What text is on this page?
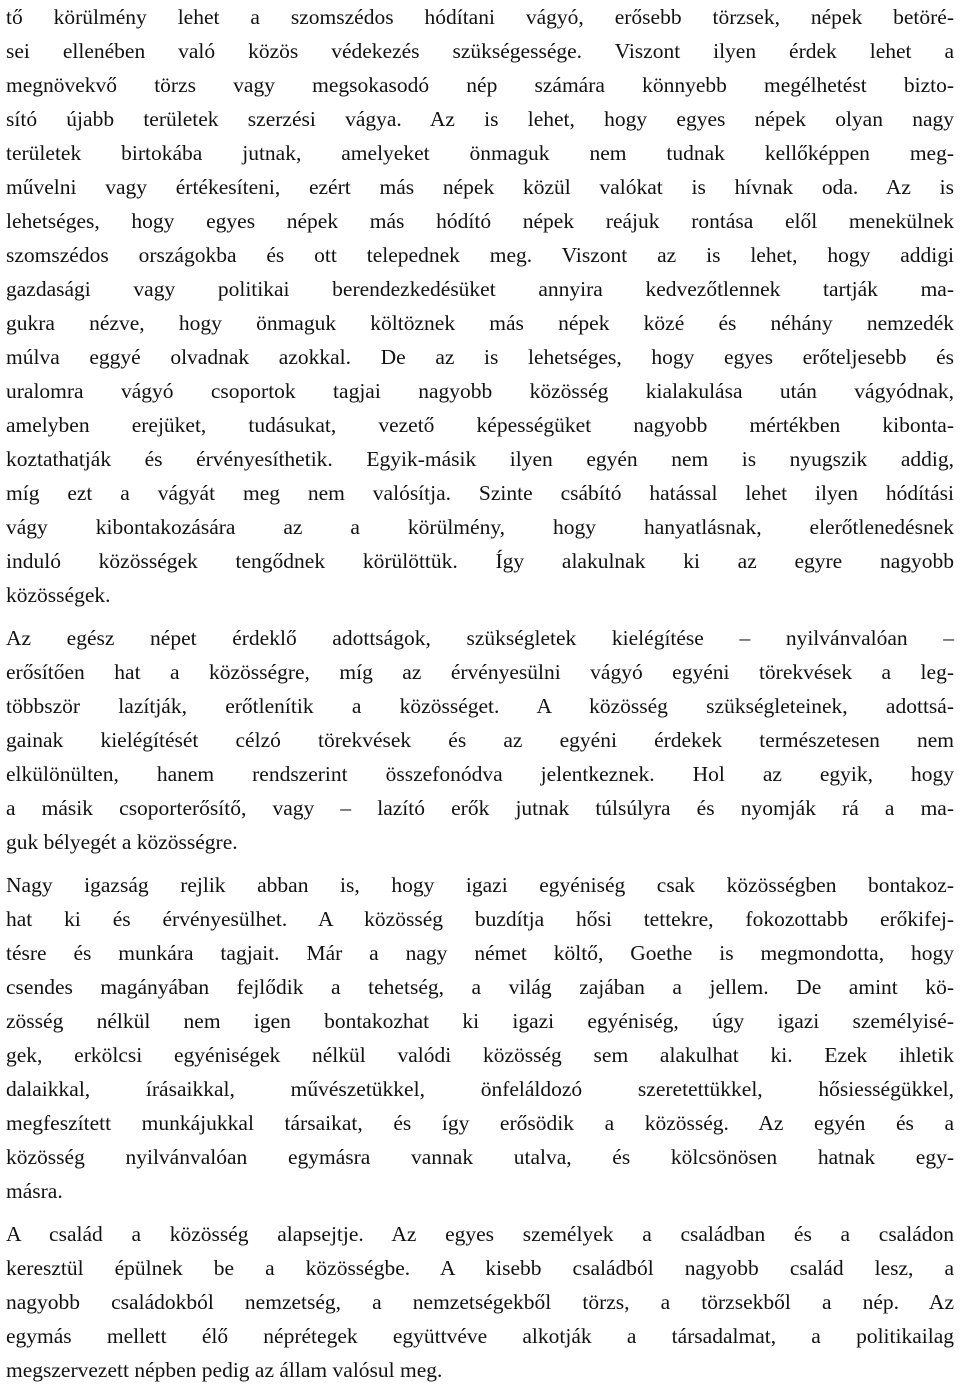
tő körülmény lehet a szomszédos hódítani vágyó, erősebb törzsek, népek betöré-
sei ellenében való közös védekezés szükségessége. Viszont ilyen érdek lehet a
megnövekvő törzs vagy megsokasodó nép számára könnyebb megélhetést bizto-
sító újabb területek szerzési vágya. Az is lehet, hogy egyes népek olyan nagy
területek birtokába jutnak, amelyeket önmaguk nem tudnak kellőképpen meg-
művelni vagy értékesíteni, ezért más népek közül valókat is hívnak oda. Az is
lehetséges, hogy egyes népek más hódító népek reájuk rontása elől menekülnek
szomszédos országokba és ott telepednek meg. Viszont az is lehet, hogy addigi
gazdasági vagy politikai berendezkedésüket annyira kedvezőtlennek tartják ma-
gukra nézve, hogy önmaguk költöznek más népek közé és néhány nemzedék
múlva eggyé olvadnak azokkal. De az is lehetséges, hogy egyes erőteljesebb és
uralomra vágyó csoportok tagjai nagyobb közösség kialakulása után vágyódnak,
amelyben erejüket, tudásukat, vezető képességüket nagyobb mértékben kibonta-
koztathatják és érvényesíthetik. Egyik-másik ilyen egyén nem is nyugszik addig,
míg ezt a vágyát meg nem valósítja. Szinte csábító hatással lehet ilyen hódítási
vágy kibontakozására az a körülmény, hogy hanyatlásnak, elerőtlenedésnek
induló közösségek tengődnek körülöttük. Így alakulnak ki az egyre nagyobb
közösségek.
Az egész népet érdeklő adottságok, szükségletek kielégítése – nyilvánvalóan –
erősítően hat a közösségre, míg az érvényesülni vágyó egyéni törekvések a leg-
többször lazítják, erőtlenítik a közösséget. A közösség szükségleteinek, adottsá-
gainak kielégítését célzó törekvések és az egyéni érdekek természetesen nem
elkülönülten, hanem rendszerint összefonódva jelentkeznek. Hol az egyik, hogy
a másik csoporterősítő, vagy – lazító erők jutnak túlsúlyra és nyomják rá a ma-
guk bélyegét a közösségre.
Nagy igazság rejlik abban is, hogy igazi egyéniség csak közösségben bontakoz-
hat ki és érvényesülhet. A közösség buzdítja hősi tettekre, fokozottabb erőkifej-
tésre és munkára tagjait. Már a nagy német költő, Goethe is megmondotta, hogy
csendes magányában fejlődik a tehetség, a világ zajában a jellem. De amint kö-
zösség nélkül nem igen bontakozhat ki igazi egyéniség, úgy igazi személyisé-
gek, erkölcsi egyéniségek nélkül valódi közösség sem alakulhat ki. Ezek ihletik
dalaikkal, írásaikkal, művészetükkel, önfeláldozó szeretettükkel, hősiességükkel,
megfeszített munkájukkal társaikat, és így erősödik a közösség. Az egyén és a
közösség nyilvánvalóan egymásra vannak utalva, és kölcsönösen hatnak egy-
másra.
A család a közösség alapsejtje. Az egyes személyek a családban és a családon
keresztül épülnek be a közösségbe. A kisebb családból nagyobb család lesz, a
nagyobb családokból nemzetség, a nemzetségekből törzs, a törzsekből a nép. Az
egymás mellett élő néprétegek együttvéve alkotják a társadalmat, a politikailag
megszervezett népben pedig az állam valósul meg.
